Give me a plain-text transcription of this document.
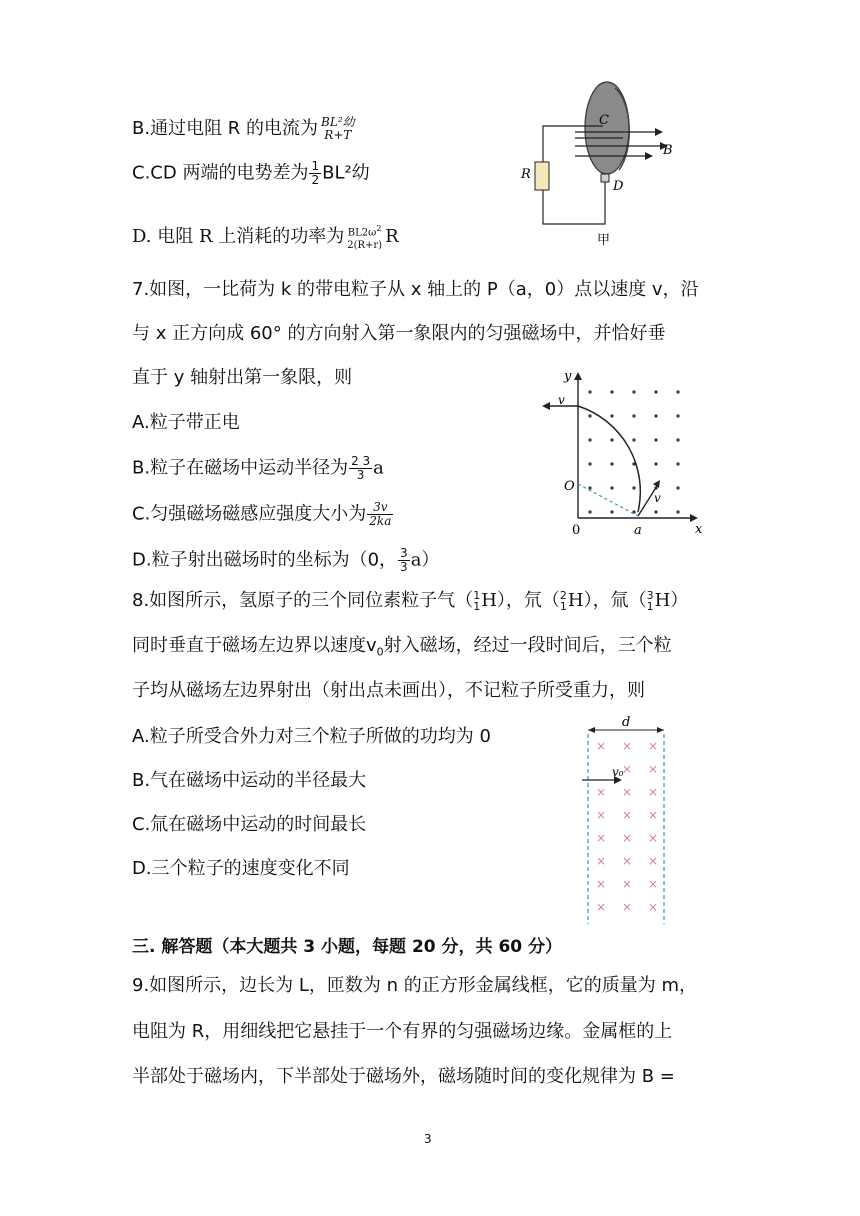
B.通过电阻 R 的电流为 BL²幼
R+T
C.CD 两端的电势差为 $\frac{1}{2} BL^2$幼
D. 电阻 R 上消耗的功率为 $BL2\omega^2$
2(R+r) R
C
D
R
B
甲
7.如图，一比荷为 k 的带电粒子从 x 轴上的 P（a，0）点以速度 v，沿
与 x 正方向成 60° 的方向射入第一象限内的匀强磁场中，并恰好垂
直于 y 轴射出第一象限，则
A.粒子带正电
B.粒子在磁场中运动半径为 $\frac{2 3}{3}$ a
C.匀强磁场磁感应强度大小为 $\frac{3v}{2ka}$
D.粒子射出磁场时的坐标为（0， $\frac{3}{3} a$）
y
x
v
v
O
0	a
8.如图所示，氢原子的三个同位素粒子气（ 1
1 H），氘（ 2
1 H），氚（ 3
1 H）
同时垂直于磁场左边界以速度$v_0$射入磁场，经过一段时间后，三个粒
子均从磁场左边界射出（射出点未画出），不记粒子所受重力，则
A.粒子所受合外力对三个粒子所做的功均为 0
B.气在磁场中运动的半径最大
C.氚在磁场中运动的时间最长
D.三个粒子的速度变化不同
× × ×
× ×
× × ×
× × ×
× × ×
× × ×
× × ×
× × ×
d
v₀
三. 解答题（本大题共 3 小题，每题 20 分，共 60 分）
9.如图所示，边长为 L，匝数为 n 的正方形金属线框，它的质量为 m，
电阻为 R，用细线把它悬挂于一个有界的匀强磁场边缘。金属框的上
半部处于磁场内，下半部处于磁场外，磁场随时间的变化规律为 B =
3
